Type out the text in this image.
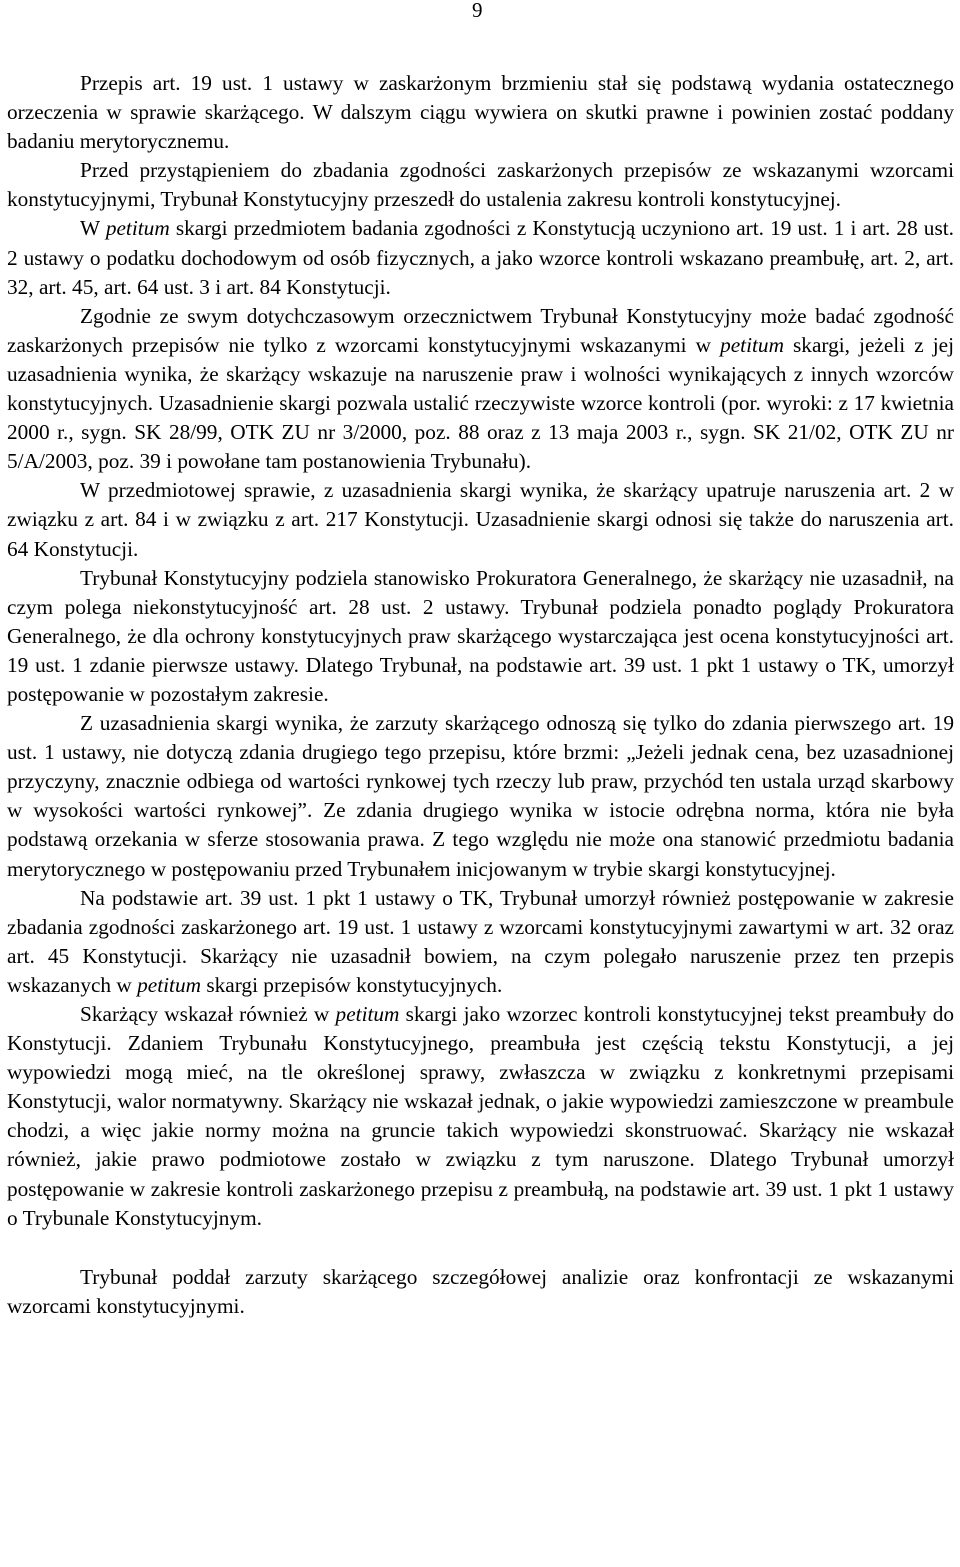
9

Przepis art. 19 ust. 1 ustawy w zaskarżonym brzmieniu stał się podstawą wydania ostatecznego orzeczenia w sprawie skarżącego. W dalszym ciągu wywiera on skutki prawne i powinien zostać poddany badaniu merytorycznemu.

Przed przystąpieniem do zbadania zgodności zaskarżonych przepisów ze wskazanymi wzorcami konstytucyjnymi, Trybunał Konstytucyjny przeszedł do ustalenia zakresu kontroli konstytucyjnej.

W petitum skargi przedmiotem badania zgodności z Konstytucją uczyniono art. 19 ust. 1 i art. 28 ust. 2 ustawy o podatku dochodowym od osób fizycznych, a jako wzorce kontroli wskazano preambułę, art. 2, art. 32, art. 45, art. 64 ust. 3 i art. 84 Konstytucji.

Zgodnie ze swym dotychczasowym orzecznictwem Trybunał Konstytucyjny może badać zgodność zaskarżonych przepisów nie tylko z wzorcami konstytucyjnymi wskazanymi w petitum skargi, jeżeli z jej uzasadnienia wynika, że skarżący wskazuje na naruszenie praw i wolności wynikających z innych wzorców konstytucyjnych. Uzasadnienie skargi pozwala ustalić rzeczywiste wzorce kontroli (por. wyroki: z 17 kwietnia 2000 r., sygn. SK 28/99, OTK ZU nr 3/2000, poz. 88 oraz z 13 maja 2003 r., sygn. SK 21/02, OTK ZU nr 5/A/2003, poz. 39 i powołane tam postanowienia Trybunału).

W przedmiotowej sprawie, z uzasadnienia skargi wynika, że skarżący upatruje naruszenia art. 2 w związku z art. 84 i w związku z art. 217 Konstytucji. Uzasadnienie skargi odnosi się także do naruszenia art. 64 Konstytucji.

Trybunał Konstytucyjny podziela stanowisko Prokuratora Generalnego, że skarżący nie uzasadnił, na czym polega niekonstytucyjność art. 28 ust. 2 ustawy. Trybunał podziela ponadto poglądy Prokuratora Generalnego, że dla ochrony konstytucyjnych praw skarżącego wystarczająca jest ocena konstytucyjności art. 19 ust. 1 zdanie pierwsze ustawy. Dlatego Trybunał, na podstawie art. 39 ust. 1 pkt 1 ustawy o TK, umorzył postępowanie w pozostałym zakresie.

Z uzasadnienia skargi wynika, że zarzuty skarżącego odnoszą się tylko do zdania pierwszego art. 19 ust. 1 ustawy, nie dotyczą zdania drugiego tego przepisu, które brzmi: „Jeżeli jednak cena, bez uzasadnionej przyczyny, znacznie odbiega od wartości rynkowej tych rzeczy lub praw, przychód ten ustala urząd skarbowy w wysokości wartości rynkowej”. Ze zdania drugiego wynika w istocie odrębna norma, która nie była podstawą orzekania w sferze stosowania prawa. Z tego względu nie może ona stanowić przedmiotu badania merytorycznego w postępowaniu przed Trybunałem inicjowanym w trybie skargi konstytucyjnej.

Na podstawie art. 39 ust. 1 pkt 1 ustawy o TK, Trybunał umorzył również postępowanie w zakresie zbadania zgodności zaskarżonego art. 19 ust. 1 ustawy z wzorcami konstytucyjnymi zawartymi w art. 32 oraz art. 45 Konstytucji. Skarżący nie uzasadnił bowiem, na czym polegało naruszenie przez ten przepis wskazanych w petitum skargi przepisów konstytucyjnych.

Skarżący wskazał również w petitum skargi jako wzorzec kontroli konstytucyjnej tekst preambuły do Konstytucji. Zdaniem Trybunału Konstytucyjnego, preambuła jest częścią tekstu Konstytucji, a jej wypowiedzi mogą mieć, na tle określonej sprawy, zwłaszcza w związku z konkretnymi przepisami Konstytucji, walor normatywny. Skarżący nie wskazał jednak, o jakie wypowiedzi zamieszczone w preambule chodzi, a więc jakie normy można na gruncie takich wypowiedzi skonstruować. Skarżący nie wskazał również, jakie prawo podmiotowe zostało w związku z tym naruszone. Dlatego Trybunał umorzył postępowanie w zakresie kontroli zaskarżonego przepisu z preambułą, na podstawie art. 39 ust. 1 pkt 1 ustawy o Trybunale Konstytucyjnym.

Trybunał poddał zarzuty skarżącego szczegółowej analizie oraz konfrontacji ze wskazanymi wzorcami konstytucyjnymi.
